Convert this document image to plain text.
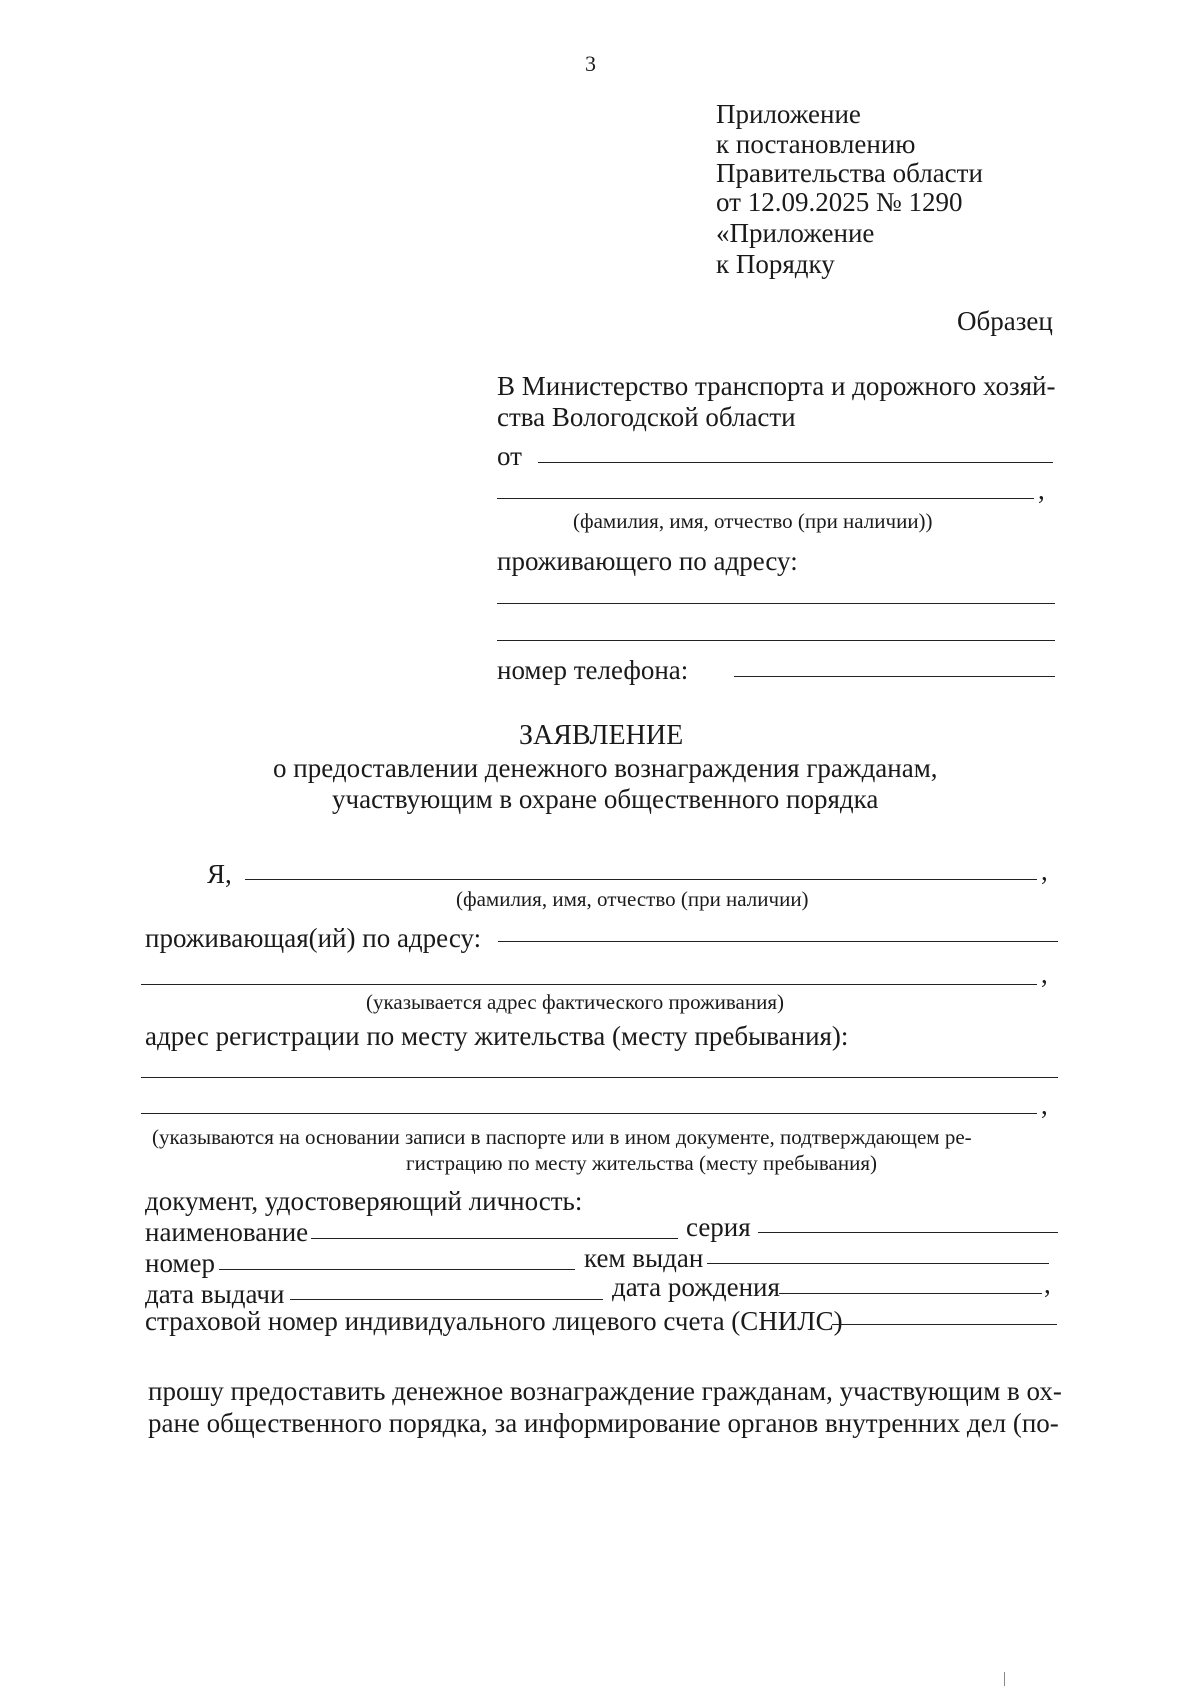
3
Приложение
к постановлению
Правительства области
от 12.09.2025 № 1290
«Приложение
к Порядку
Образец
В Министерство транспорта и дорожного хозяй-
ства Вологодской области
от
,
(фамилия, имя, отчество (при наличии))
проживающего по адресу:
номер телефона:
ЗАЯВЛЕНИЕ
о предоставлении денежного вознаграждения гражданам,
участвующим в охране общественного порядка
Я,	,
(фамилия, имя, отчество (при наличии)
проживающая(ий) по адресу:
,
(указывается адрес фактического проживания)
адрес регистрации по месту жительства (месту пребывания):
,
(указываются на основании записи в паспорте или в ином документе, подтверждающем ре-
гистрацию по месту жительства (месту пребывания)
документ, удостоверяющий личность:
наименование	серия
номер	кем выдан
дата выдачи	дата рождения	,
страховой номер индивидуального лицевого счета (СНИЛС)
прошу предоставить денежное вознаграждение гражданам, участвующим в ох-
ране общественного порядка, за информирование органов внутренних дел (по-
